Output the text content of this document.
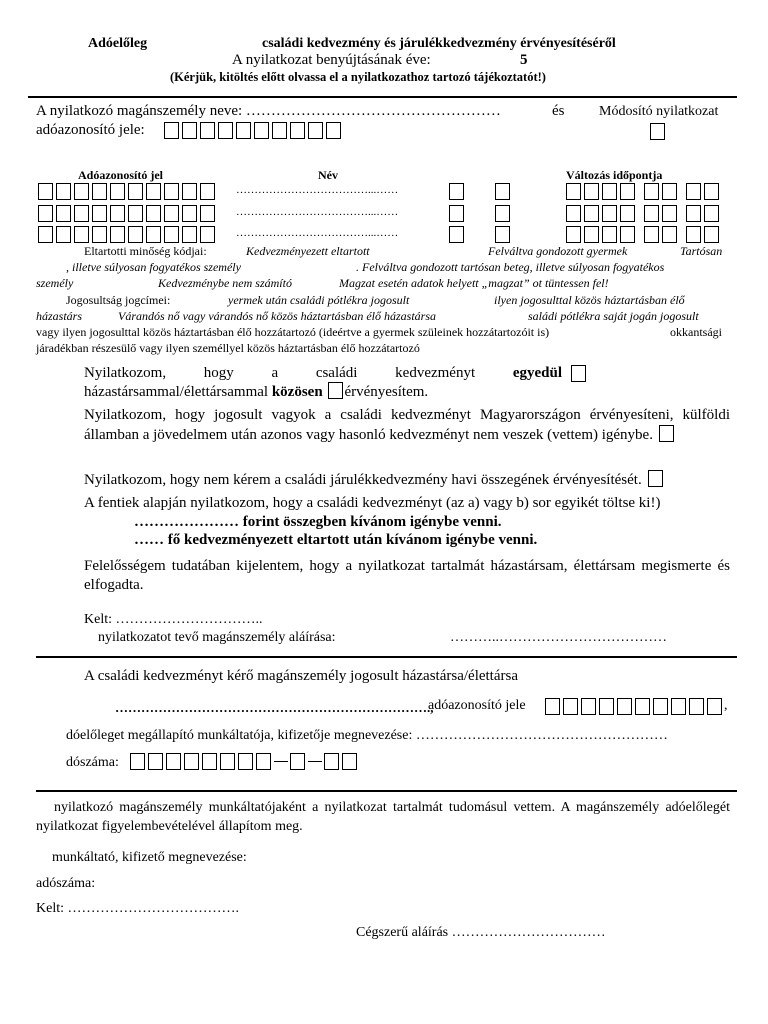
Adóelőleg	családi kedvezmény és járulékkedvezmény érvényesítéséről
A nyilatkozat benyújtásának éve:	5
(Kérjük, kitöltés előtt olvassa el a nyilatkozathoz tartozó tájékoztatót!)
A nyilatkozó magánszemély neve: ……………………………………………	és Módosító nyilatkozat
adóazonosító jele:
Adóazonosító jel	Név	Változás időpontja
………………………………...……
………………………………...……
………………………………...……
Eltartotti minőség kódjai:	Kedvezményezett eltartott	Felváltva gondozott gyermek	Tartósan
, illetve súlyosan fogyatékos személy	. Felváltva gondozott tartósan beteg, illetve súlyosan fogyatékos
személy	Kedvezménybe nem számító	Magzat esetén adatok helyett „magzat” ot tüntessen fel!
Jogosultság jogcímei:	yermek után családi pótlékra jogosult	ilyen jogosulttal közös háztartásban élő
házastárs	Várandós nő vagy várandós nő közös háztartásban élő házastársa	saládi pótlékra saját jogán jogosult
vagy ilyen jogosulttal közös háztartásban élő hozzátartozó (ideértve a gyermek szüleinek hozzátartozóit is)	okkantsági
járadékban részesülő vagy ilyen személlyel közös háztartásban élő hozzátartozó
Nyilatkozom,	hogy	a	családi	kedvezményt	egyedül
házastársammal/élettársammal közösen érvényesítem.
Nyilatkozom, hogy jogosult vagyok a családi kedvezményt Magyarországon érvényesíteni, külföldi államban a jövedelmem után azonos vagy hasonló kedvezményt nem veszek (vettem) igénybe.
Nyilatkozom, hogy nem kérem a családi járulékkedvezmény havi összegének érvényesítését.
A fentiek alapján nyilatkozom, hogy a családi kedvezményt (az a) vagy b) sor egyikét töltse ki!)
………………… forint összegben kívánom igénybe venni.
…… fő kedvezményezett eltartott után kívánom igénybe venni.
Felelősségem tudatában kijelentem, hogy a nyilatkozat tartalmát házastársam, élettársam megismerte és elfogadta.
Kelt: …………………………..
nyilatkozatot tevő magánszemély aláírása:	………..………………………………
A családi kedvezményt kérő magánszemély jogosult házastársa/élettársa
……………………………………………………………….,
adóazonosító jele	,
dóelőleget megállapító munkáltatója, kifizetője megnevezése: ………………………………………………
dószáma:
nyilatkozó magánszemély munkáltatójaként a nyilatkozat tartalmát tudomásul vettem. A magánszemély adóelőlegét nyilatkozat figyelembevételével állapítom meg.
munkáltató, kifizető megnevezése:
adószáma:
Kelt: ……………………………….
Cégszerű aláírás ……………………………
